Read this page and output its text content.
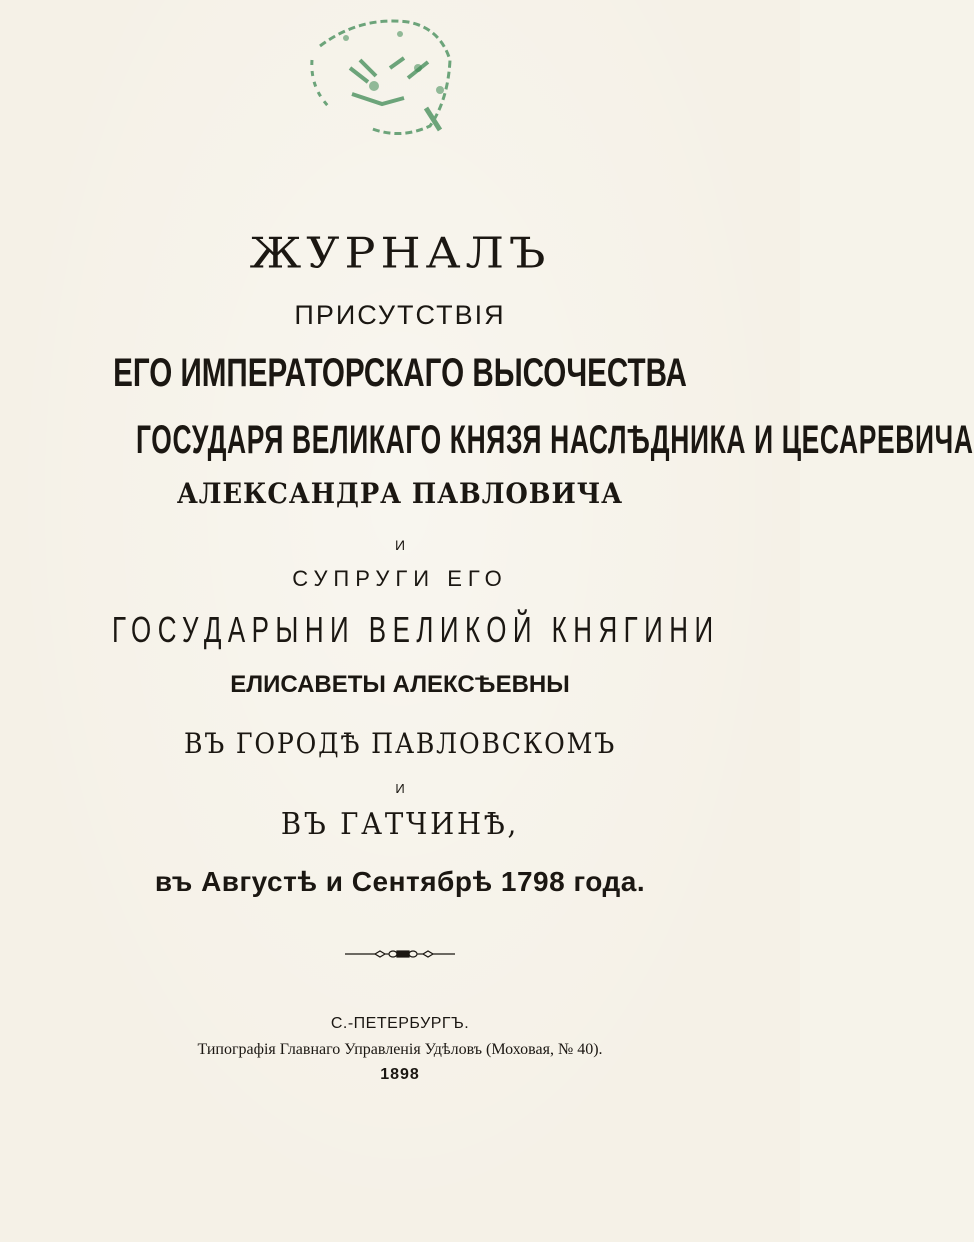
ЖУРНАЛЪ
ПРИСУТСТВІЯ
ЕГО ИМПЕРАТОРСКАГО ВЫСОЧЕСТВА
ГОСУДАРЯ ВЕЛИКАГО КНЯЗЯ НАСЛѢДНИКА И ЦЕСАРЕВИЧА
АЛЕКСАНДРА ПАВЛОВИЧА
И
СУПРУГИ ЕГО
ГОСУДАРЫНИ ВЕЛИКОЙ КНЯГИНИ
ЕЛИСАВЕТЫ АЛЕКСѢЕВНЫ
ВЪ ГОРОДѢ ПАВЛОВСКОМЪ
И
ВЪ ГАТЧИНѢ,
въ Августѣ и Сентябрѣ 1798 года.
С.-ПЕТЕРБУРГЪ.
Типографія Главнаго Управленія Удѣловъ (Моховая, № 40).
1898
